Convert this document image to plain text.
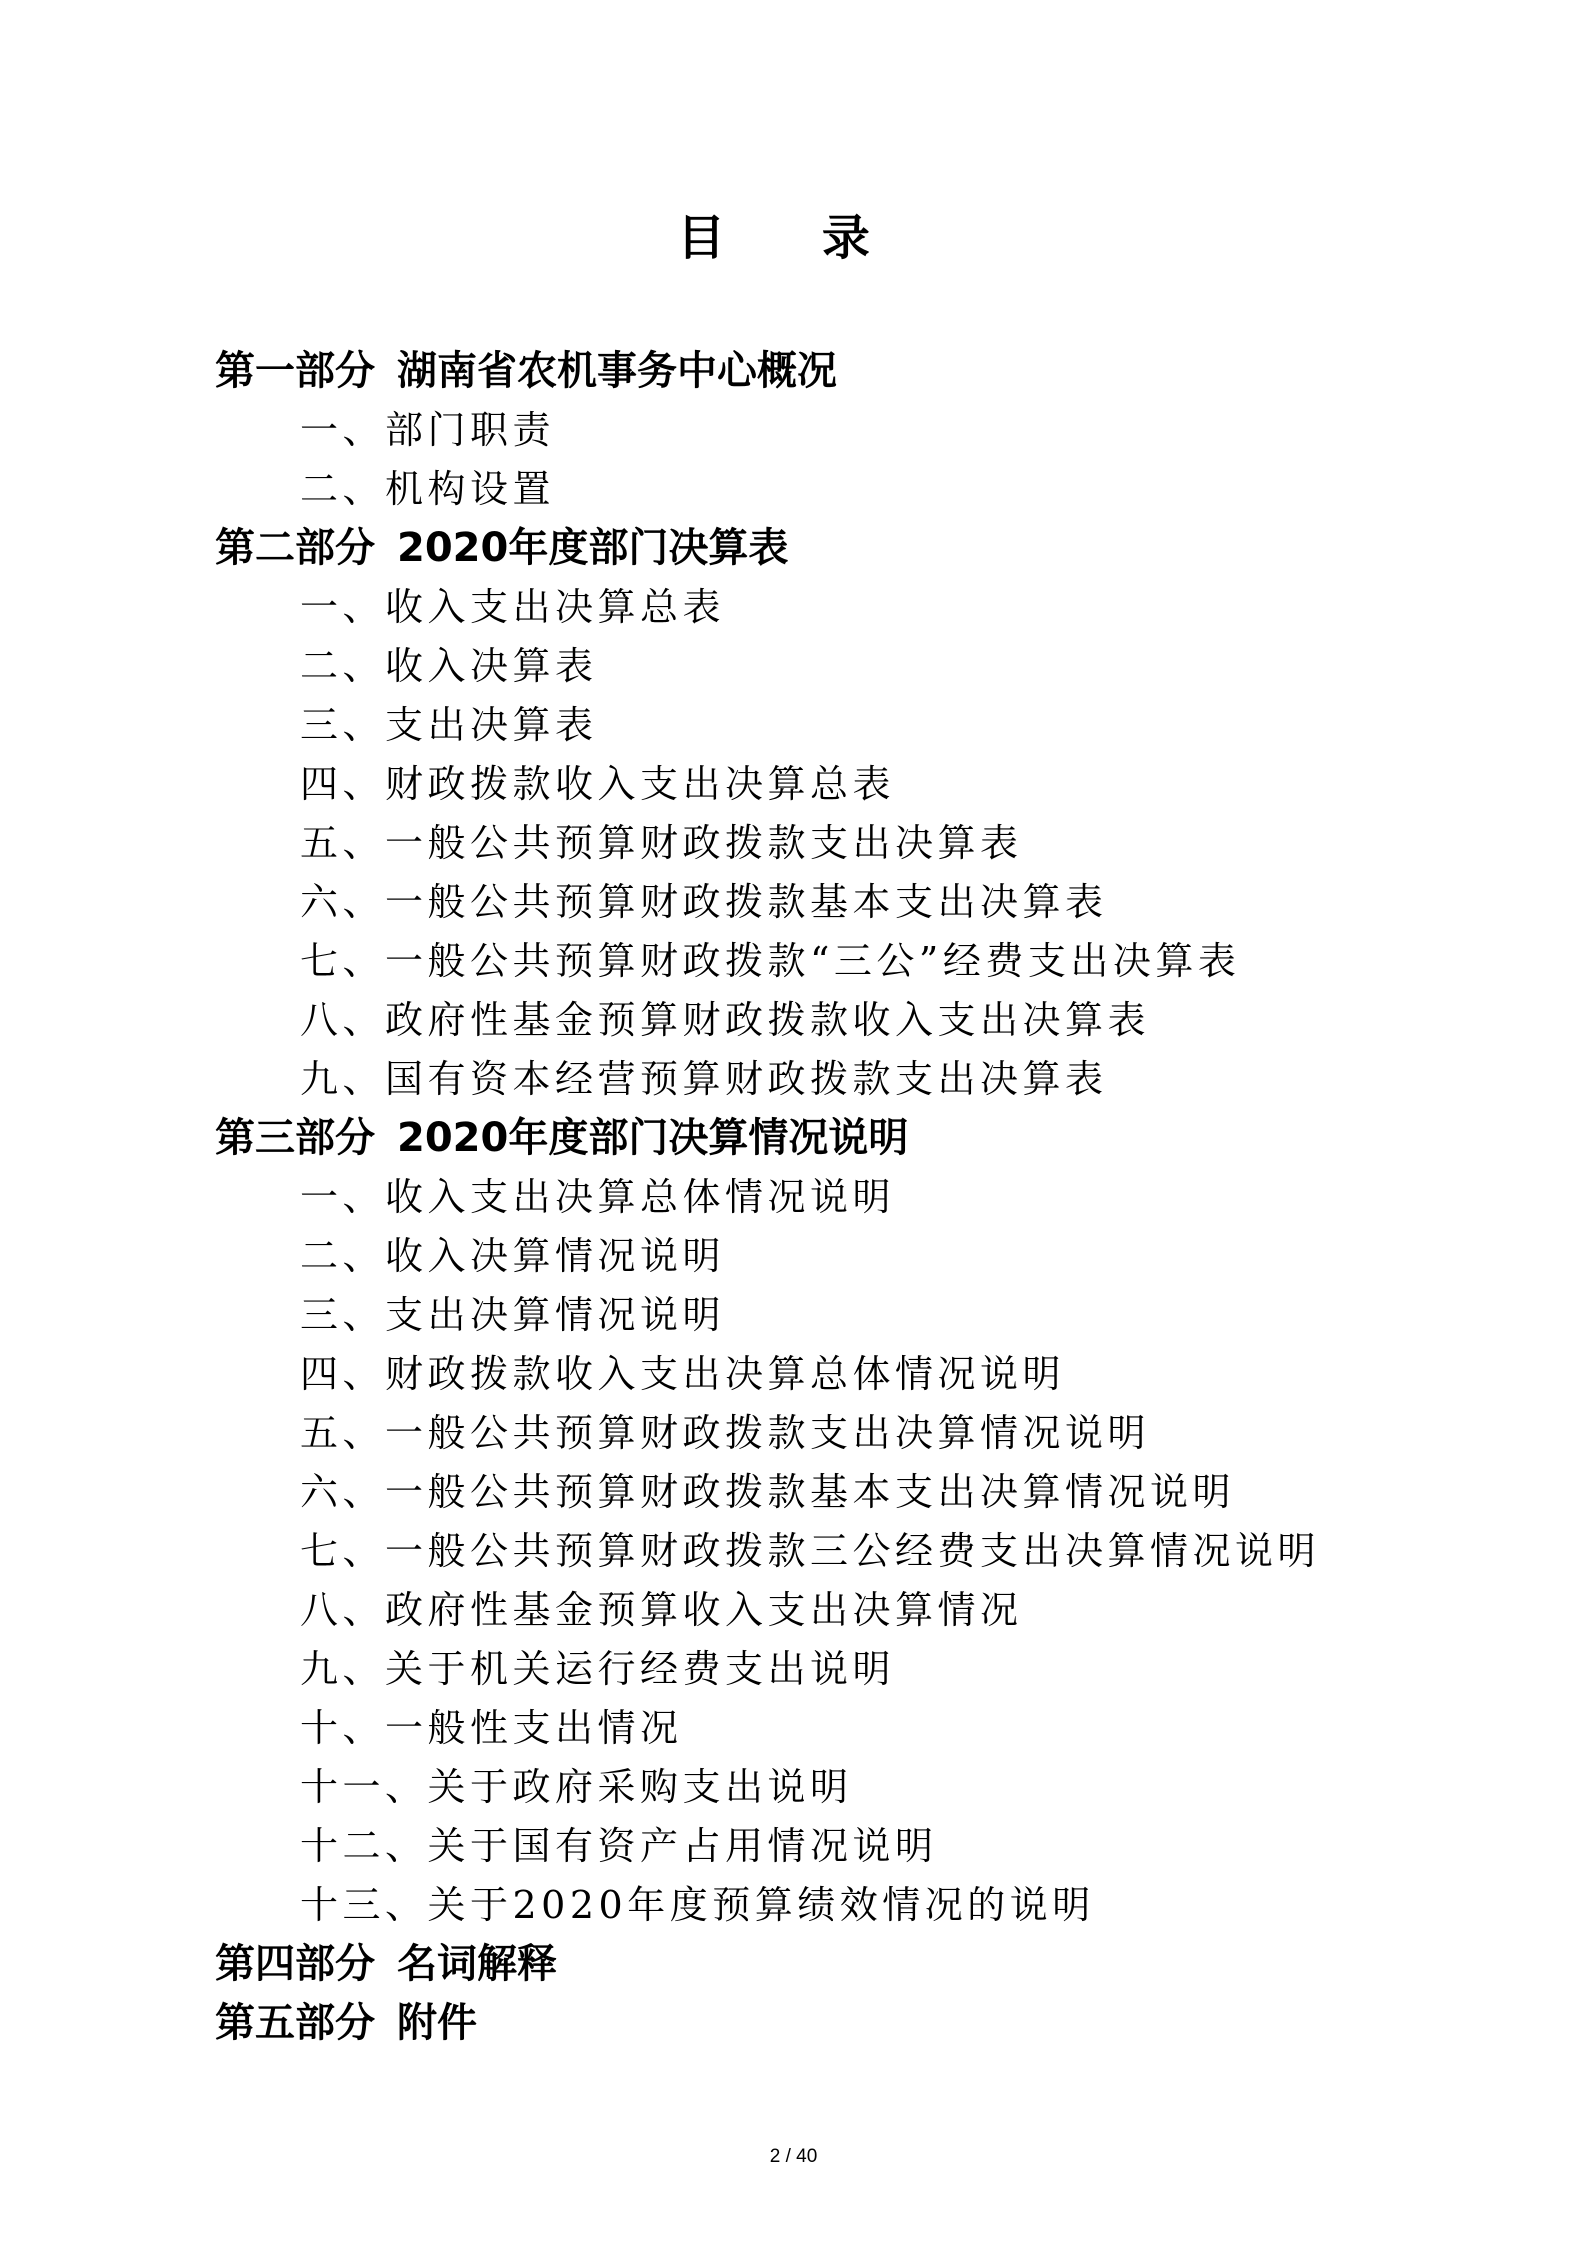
目 录
第一部分 湖南省农机事务中心概况
一、部门职责
二、机构设置
第二部分 2020年度部门决算表
一、收入支出决算总表
二、收入决算表
三、支出决算表
四、财政拨款收入支出决算总表
五、一般公共预算财政拨款支出决算表
六、一般公共预算财政拨款基本支出决算表
七、一般公共预算财政拨款“三公”经费支出决算表
八、政府性基金预算财政拨款收入支出决算表
九、国有资本经营预算财政拨款支出决算表
第三部分 2020年度部门决算情况说明
一、收入支出决算总体情况说明
二、收入决算情况说明
三、支出决算情况说明
四、财政拨款收入支出决算总体情况说明
五、一般公共预算财政拨款支出决算情况说明
六、一般公共预算财政拨款基本支出决算情况说明
七、一般公共预算财政拨款三公经费支出决算情况说明
八、政府性基金预算收入支出决算情况
九、关于机关运行经费支出说明
十、一般性支出情况
十一、关于政府采购支出说明
十二、关于国有资产占用情况说明
十三、关于2020年度预算绩效情况的说明
第四部分 名词解释
第五部分 附件
2 / 40
